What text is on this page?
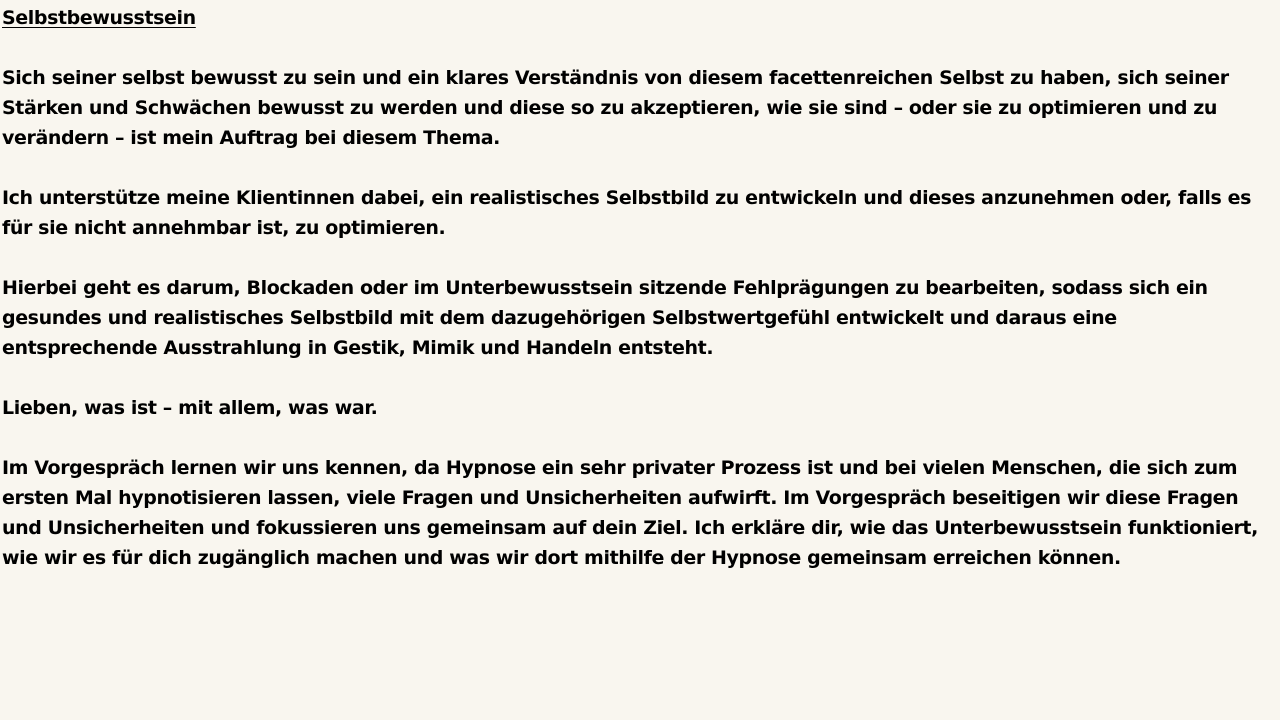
Selbstbewusstsein

Sich seiner selbst bewusst zu sein und ein klares Verständnis von diesem facettenreichen Selbst zu haben, sich seiner Stärken und Schwächen bewusst zu werden und diese so zu akzeptieren, wie sie sind – oder sie zu optimieren und zu verändern – ist mein Auftrag bei diesem Thema.

Ich unterstütze meine Klientinnen dabei, ein realistisches Selbstbild zu entwickeln und dieses anzunehmen oder, falls es für sie nicht annehmbar ist, zu optimieren.

Hierbei geht es darum, Blockaden oder im Unterbewusstsein sitzende Fehlprägungen zu bearbeiten, sodass sich ein gesundes und realistisches Selbstbild mit dem dazugehörigen Selbstwertgefühl entwickelt und daraus eine entsprechende Ausstrahlung in Gestik, Mimik und Handeln entsteht.

Lieben, was ist – mit allem, was war.

Im Vorgespräch lernen wir uns kennen, da Hypnose ein sehr privater Prozess ist und bei vielen Menschen, die sich zum ersten Mal hypnotisieren lassen, viele Fragen und Unsicherheiten aufwirft. Im Vorgespräch beseitigen wir diese Fragen und Unsicherheiten und fokussieren uns gemeinsam auf dein Ziel. Ich erkläre dir, wie das Unterbewusstsein funktioniert, wie wir es für dich zugänglich machen und was wir dort mithilfe der Hypnose gemeinsam erreichen können.
